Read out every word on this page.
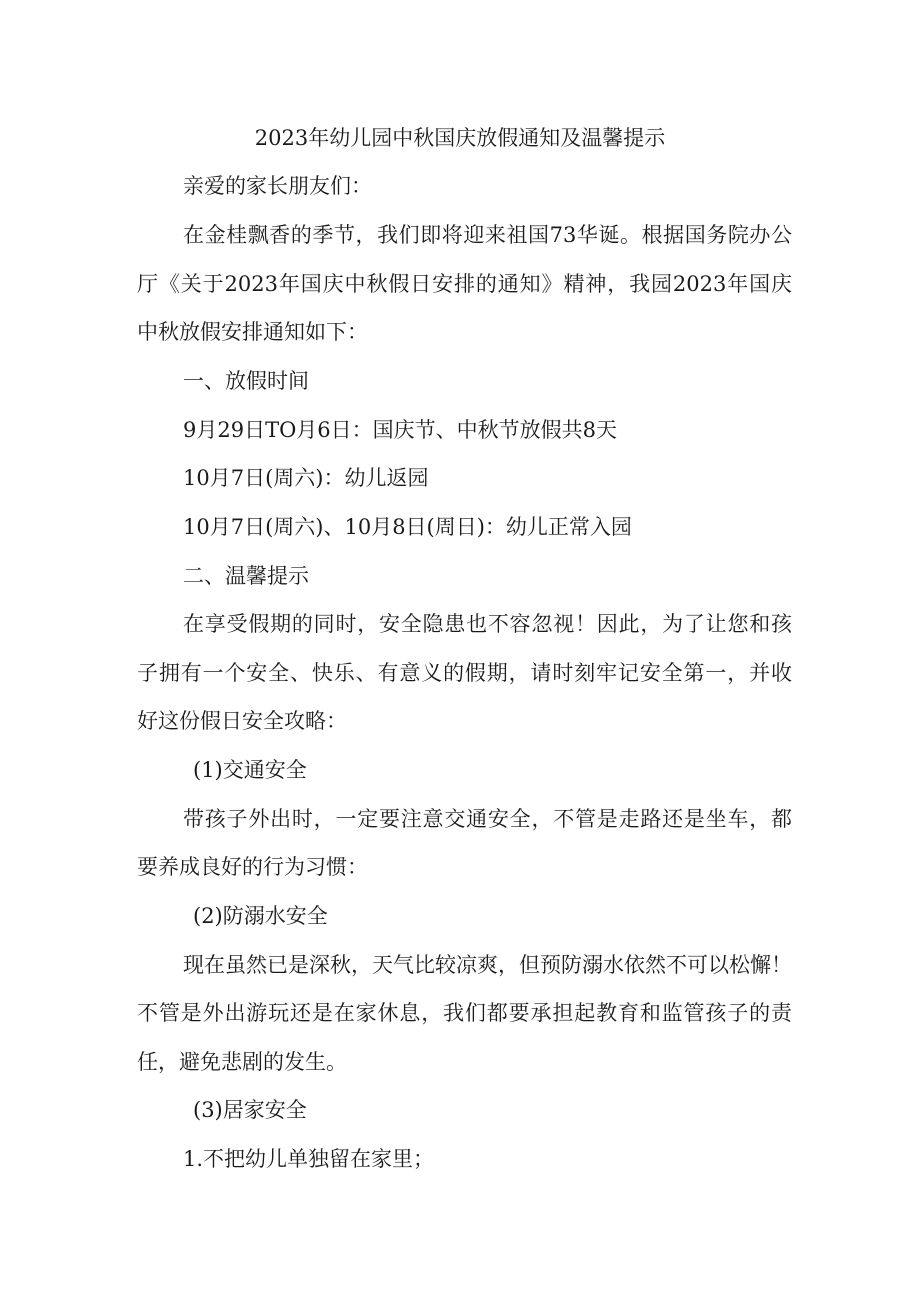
2023年幼儿园中秋国庆放假通知及温馨提示

亲爱的家长朋友们：

在金桂飘香的季节，我们即将迎来祖国73华诞。根据国务院办公

厅《关于2023年国庆中秋假日安排的通知》精神，我园2023年国庆

中秋放假安排通知如下：

一、放假时间

9月29日TO月6日：国庆节、中秋节放假共8天

10月7日(周六)：幼儿返园

10月7日(周六)、10月8日(周日)：幼儿正常入园

二、温馨提示

在享受假期的同时，安全隐患也不容忽视！因此，为了让您和孩

子拥有一个安全、快乐、有意义的假期，请时刻牢记安全第一，并收

好这份假日安全攻略：

(1)交通安全

带孩子外出时，一定要注意交通安全，不管是走路还是坐车，都

要养成良好的行为习惯：

(2)防溺水安全

现在虽然已是深秋，天气比较凉爽，但预防溺水依然不可以松懈！

不管是外出游玩还是在家休息，我们都要承担起教育和监管孩子的责

任，避免悲剧的发生。

(3)居家安全

1.不把幼儿单独留在家里；
